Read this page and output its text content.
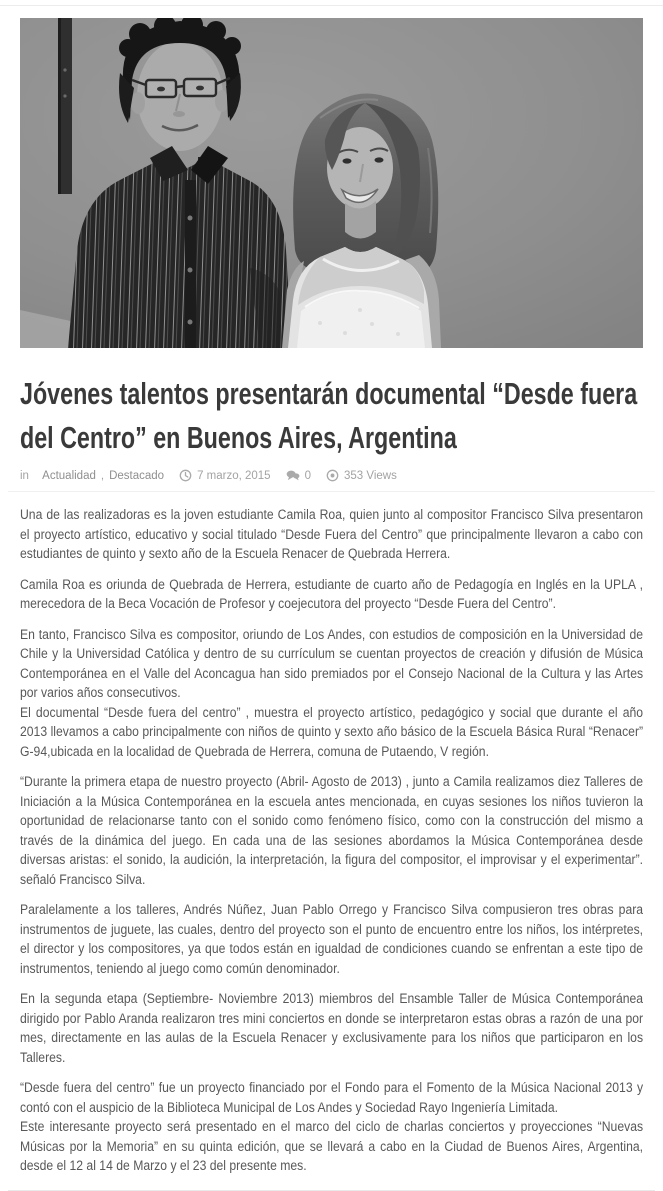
Jóvenes talentos presentarán documental “Desde fuera del Centro” en Buenos Aires, Argentina
in
Actualidad , Destacado	7 marzo, 2015	0	353 Views

Una de las realizadoras es la joven estudiante Camila Roa, quien junto al compositor Francisco Silva presentaron el proyecto artístico, educativo y social titulado “Desde Fuera del Centro” que principalmente llevaron a cabo con estudiantes de quinto y sexto año de la Escuela Renacer de Quebrada Herrera.

Camila Roa es oriunda de Quebrada de Herrera, estudiante de cuarto año de Pedagogía en Inglés en la UPLA , merecedora de la Beca Vocación de Profesor y coejecutora del proyecto “Desde Fuera del Centro”.

En tanto, Francisco Silva es compositor, oriundo de Los Andes, con estudios de composición en la Universidad de Chile y la Universidad Católica y dentro de su currículum se cuentan proyectos de creación y difusión de Música Contemporánea en el Valle del Aconcagua han sido premiados por el Consejo Nacional de la Cultura y las Artes por varios años consecutivos.

El documental “Desde fuera del centro” , muestra el proyecto artístico, pedagógico y social que durante el año 2013 llevamos a cabo principalmente con niños de quinto y sexto año básico de la Escuela Básica Rural “Renacer” G-94,ubicada en la localidad de Quebrada de Herrera, comuna de Putaendo, V región.

“Durante la primera etapa de nuestro proyecto (Abril- Agosto de 2013) , junto a Camila realizamos diez Talleres de Iniciación a la Música Contemporánea en la escuela antes mencionada, en cuyas sesiones los niños tuvieron la oportunidad de relacionarse tanto con el sonido como fenómeno físico, como con la construcción del mismo a través de la dinámica del juego. En cada una de las sesiones abordamos la Música Contemporánea desde diversas aristas: el sonido, la audición, la interpretación, la figura del compositor, el improvisar y el experimentar”. señaló Francisco Silva.

Paralelamente a los talleres, Andrés Núñez, Juan Pablo Orrego y Francisco Silva compusieron tres obras para instrumentos de juguete, las cuales, dentro del proyecto son el punto de encuentro entre los niños, los intérpretes, el director y los compositores, ya que todos están en igualdad de condiciones cuando se enfrentan a este tipo de instrumentos, teniendo al juego como común denominador.

En la segunda etapa (Septiembre- Noviembre 2013) miembros del Ensamble Taller de Música Contemporánea dirigido por Pablo Aranda realizaron tres mini conciertos en donde se interpretaron estas obras a razón de una por mes, directamente en las aulas de la Escuela Renacer y exclusivamente para los niños que participaron en los Talleres.

“Desde fuera del centro” fue un proyecto financiado por el Fondo para el Fomento de la Música Nacional 2013 y contó con el auspicio de la Biblioteca Municipal de Los Andes y Sociedad Rayo Ingeniería Limitada.

Este interesante proyecto será presentado en el marco del ciclo de charlas conciertos y proyecciones “Nuevas Músicas por la Memoria” en su quinta edición, que se llevará a cabo en la Ciudad de Buenos Aires, Argentina, desde el 12 al 14 de Marzo y el 23 del presente mes.
